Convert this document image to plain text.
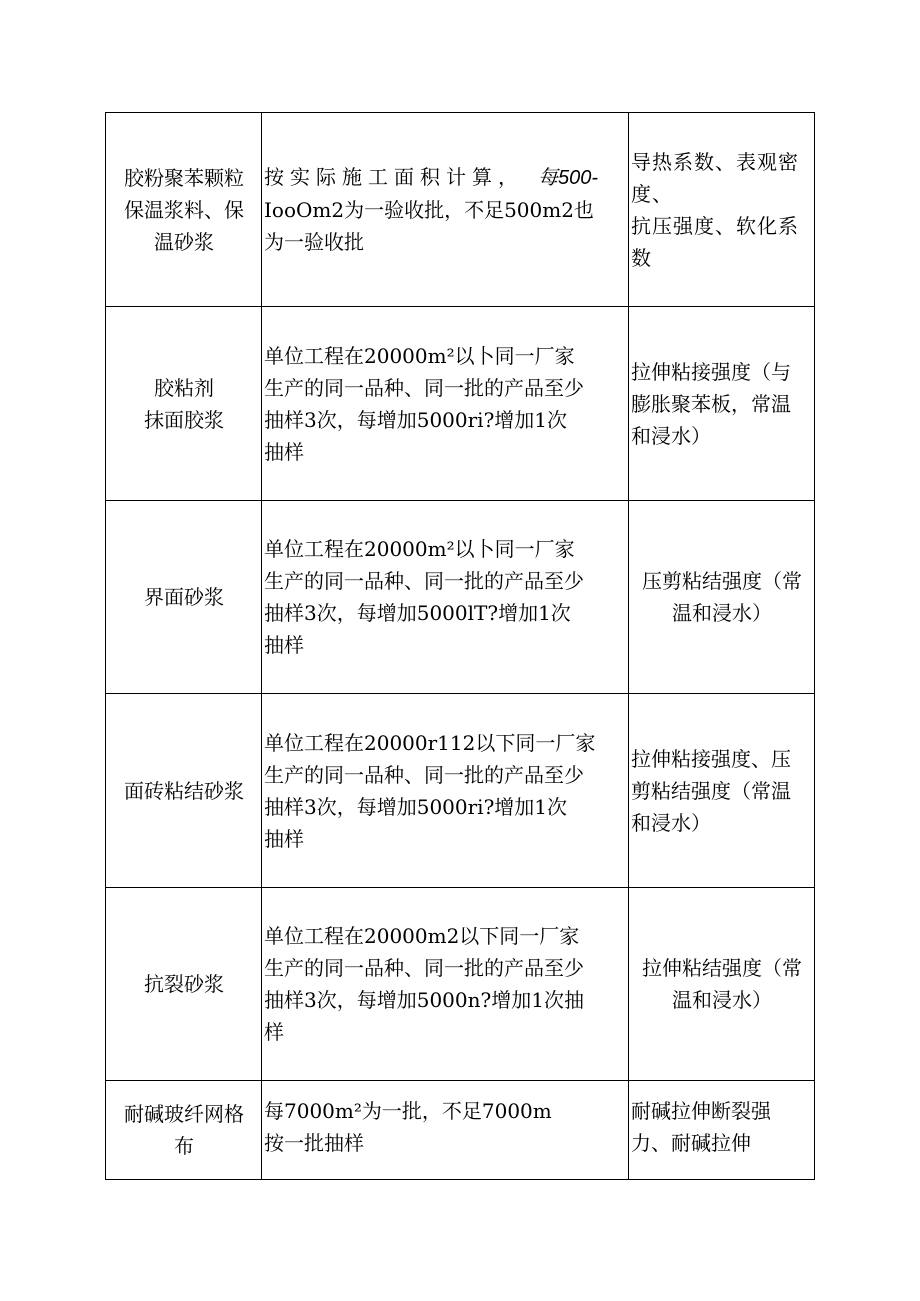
胶粉聚苯颗粒
保温浆料、保
温砂浆	按实际施工面积计算， 每500-
IooOm2为一验收批，不足500m2也
为一验收批	导热系数、表观密
度、
抗压强度、软化系
数

胶粘剂
抹面胶浆	单位工程在20000m²以卜同一厂家
生产的同一品种、同一批的产品至少
抽样3次，每增加5000ri?增加1次
抽样	拉伸粘接强度（与
膨胀聚苯板，常温
和浸水）

界面砂浆	单位工程在20000m²以卜同一厂家
生产的同一品种、同一批的产品至少
抽样3次，每增加5000lT?增加1次
抽样	压剪粘结强度（常
温和浸水）

面砖粘结砂浆	单位工程在20000r112以下同一厂家
生产的同一品种、同一批的产品至少
抽样3次，每增加5000ri?增加1次
抽样	拉伸粘接强度、压
剪粘结强度（常温
和浸水）

抗裂砂浆	单位工程在20000m2以下同一厂家
生产的同一品种、同一批的产品至少
抽样3次，每增加5000n?增加1次抽
样	拉伸粘结强度（常
温和浸水）

耐碱玻纤网格
布	每7000m²为一批，不足7000m
按一批抽样	耐碱拉伸断裂强
力、耐碱拉伸
